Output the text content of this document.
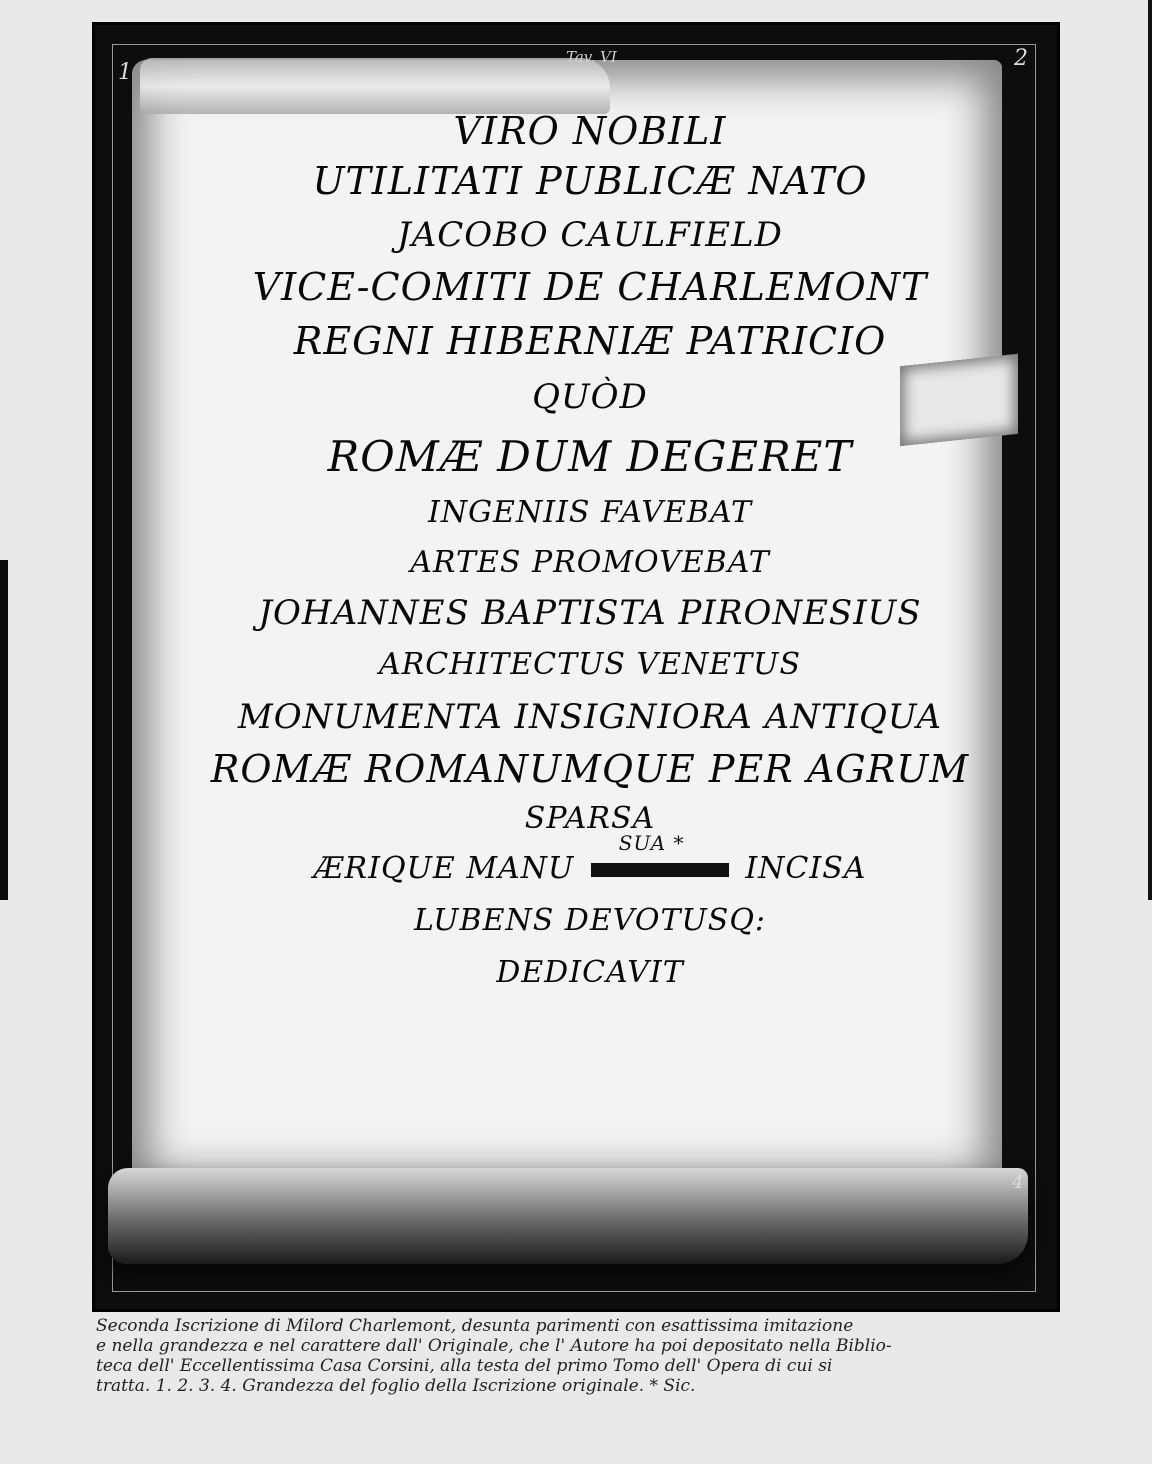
Tav. VI
1
2
4

VIRO NOBILI

UTILITATI PUBLICÆ NATO

JACOBO CAULFIELD

VICE-COMITI DE CHARLEMONT

REGNI HIBERNIÆ PATRICIO

QUÒD

ROMÆ DUM DEGERET

INGENIIS FAVEBAT

ARTES PROMOVEBAT

JOHANNES BAPTISTA PIRONESIUS

ARCHITECTUS VENETUS

MONUMENTA INSIGNIORA ANTIQUA

ROMÆ ROMANUMQUE PER AGRUM

SPARSA

ÆRIQUE MANU
SUA *
INCISA

LUBENS DEVOTUSQ:

DEDICAVIT

Seconda Iscrizione di Milord Charlemont, desunta parimenti con esattissima imitazione

e nella grandezza e nel carattere dall' Originale, che l' Autore ha poi depositato nella Biblio-

teca dell' Eccellentissima Casa Corsini, alla testa del primo Tomo dell' Opera di cui si

tratta. 1. 2. 3. 4. Grandezza del foglio della Iscrizione originale. * Sic.
